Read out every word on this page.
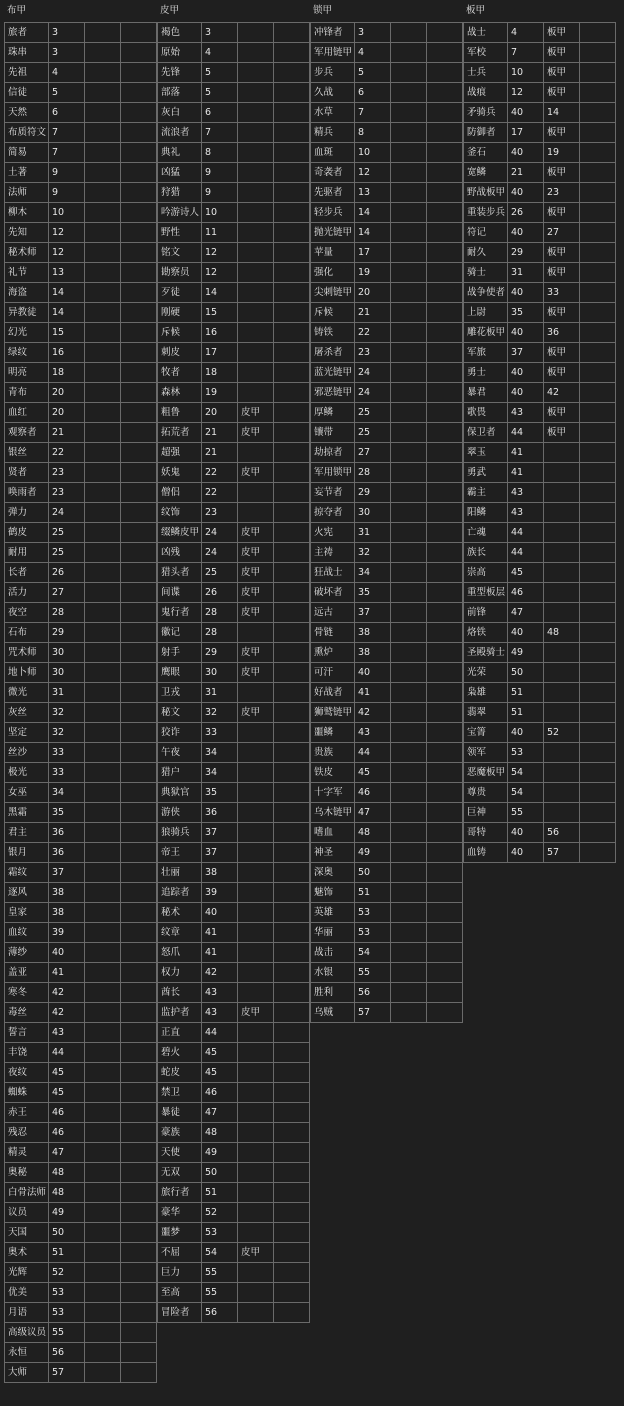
布甲
旅者	3		
珠串	3		
先祖	4		
信徒	5		
天然	6		
布质符文	7		
简易	7		
土著	9		
法师	9		
柳木	10		
先知	12		
秘术师	12		
礼节	13		
海盗	14		
异教徒	14		
幻光	15		
绿纹	16		
明亮	18		
青布	20		
血红	20		
观察者	21		
银丝	22		
贤者	23		
唤雨者	23		
弹力	24		
鹤皮	25		
耐用	25		
长者	26		
活力	27		
夜空	28		
石布	29		
咒术师	30		
地卜师	30		
微光	31		
灰丝	32		
坚定	32		
丝沙	33		
极光	33		
女巫	34		
黑霜	35		
君主	36		
银月	36		
霜纹	37		
逐风	38		
皇家	38		
血纹	39		
薄纱	40		
盖亚	41		
寒冬	42		
毒丝	42		
誓言	43		
丰饶	44		
夜纹	45		
蜘蛛	45		
赤王	46		
残忍	46		
精灵	47		
奥秘	48		
白骨法师	48		
议员	49		
天国	50		
奥术	51		
光辉	52		
优美	53		
月语	53		
高级议员	55		
永恒	56		
大师	57		
皮甲
褐色	3		
原始	4		
先锋	5		
部落	5		
灰白	6		
流浪者	7		
典礼	8		
凶猛	9		
狩猎	9		
吟游诗人	10		
野性	11		
铭文	12		
勘察员	12		
歹徒	14		
刚硬	15		
斥候	16		
刺皮	17		
牧者	18		
森林	19		
粗鲁	20	皮甲	
拓荒者	21	皮甲	
超强	21		
妖鬼	22	皮甲	
僧侣	22		
纹饰	23		
缀鳞皮甲	24	皮甲	
凶残	24	皮甲	
猎头者	25	皮甲	
间谍	26	皮甲	
鬼行者	28	皮甲	
徽记	28		
射手	29	皮甲	
鹰眼	30	皮甲	
卫戎	31		
秘文	32	皮甲	
狡诈	33		
午夜	34		
猎户	34		
典狱官	35		
游侠	36		
狼骑兵	37		
帝王	37		
壮丽	38		
追踪者	39		
秘术	40		
纹章	41		
怒爪	41		
权力	42		
酋长	43		
监护者	43	皮甲	
正直	44		
碧火	45		
蛇皮	45		
禁卫	46		
暴徒	47		
豪族	48		
天使	49		
无双	50		
旅行者	51		
豪华	52		
噩梦	53		
不屈	54	皮甲	
巨力	55		
至高	55		
冒险者	56		
锁甲
冲锋者	3		
军用链甲	4		
步兵	5		
久战	6		
水草	7		
精兵	8		
血斑	10		
奇袭者	12		
先驱者	13		
轻步兵	14		
抛光链甲	14		
苹量	17		
强化	19		
尖刺链甲	20		
斥候	21		
铸铁	22		
屠杀者	23		
蓝光链甲	24		
邪恶链甲	24		
厚鳞	25		
镶带	25		
劫掠者	27		
军用锁甲	28		
妄节者	29		
掠夺者	30		
火宪	31		
主祷	32		
狂战士	34		
破坏者	35		
远古	37		
骨链	38		
熏炉	38		
可汗	40		
好战者	41		
狮鹫链甲	42		
噩鳞	43		
贵族	44		
铁皮	45		
十字军	46		
乌木链甲	47		
嗜血	48		
神圣	49		
深奥	50		
魅饰	51		
英雄	53		
华丽	53		
战击	54		
水银	55		
胜利	56		
乌贼	57		
板甲
战士	4	板甲	
军校	7	板甲	
士兵	10	板甲	
战痕	12	板甲	
矛骑兵	40	14	
防御者	17	板甲	
釜石	40	19	
宽鳞	21	板甲	
野战板甲	40	23	
重装步兵	26	板甲	
符记	40	27	
耐久	29	板甲	
骑士	31	板甲	
战争使者	40	33	
上尉	35	板甲	
雕花板甲	40	36	
军旅	37	板甲	
勇士	40	板甲	
暴君	40	42	
歌畏	43	板甲	
保卫者	44	板甲	
翠玉	41		
勇武	41		
霸主	43		
阳鳞	43		
亡魂	44		
族长	44		
崇高	45		
重型板层	46		
前锋	47		
烙铁	40	48	
圣殿骑士	49		
光荣	50		
枭雄	51		
翡翠	51		
宝箐	40	52	
领军	53		
恶魔板甲	54		
尊贵	54		
巨神	55		
哥特	40	56	
血铸	40	57	
